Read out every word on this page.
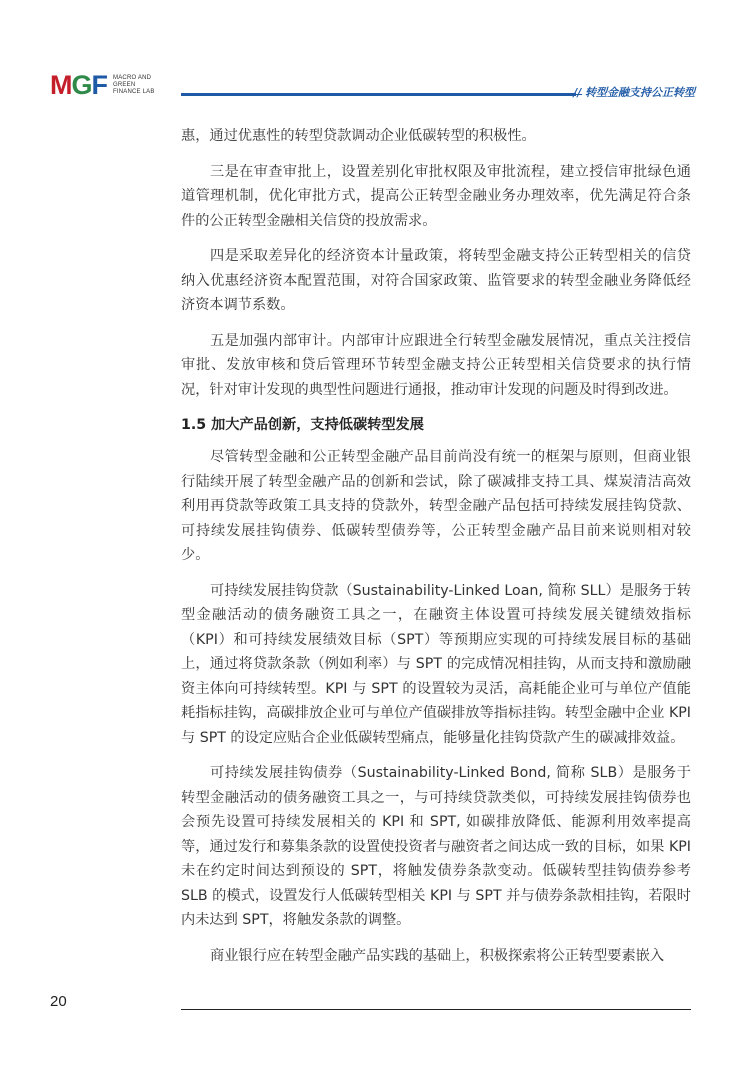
MGF MACRO AND
GREEN
FINANCE LAB	// 转型金融支持公正转型

惠，通过优惠性的转型贷款调动企业低碳转型的积极性。

三是在审查审批上，设置差别化审批权限及审批流程，建立授信审批绿色通道管理机制，优化审批方式，提高公正转型金融业务办理效率，优先满足符合条件的公正转型金融相关信贷的投放需求。

四是采取差异化的经济资本计量政策，将转型金融支持公正转型相关的信贷纳入优惠经济资本配置范围，对符合国家政策、监管要求的转型金融业务降低经济资本调节系数。

五是加强内部审计。内部审计应跟进全行转型金融发展情况，重点关注授信审批、发放审核和贷后管理环节转型金融支持公正转型相关信贷要求的执行情况，针对审计发现的典型性问题进行通报，推动审计发现的问题及时得到改进。

1.5 加大产品创新，支持低碳转型发展

尽管转型金融和公正转型金融产品目前尚没有统一的框架与原则，但商业银行陆续开展了转型金融产品的创新和尝试，除了碳减排支持工具、煤炭清洁高效利用再贷款等政策工具支持的贷款外，转型金融产品包括可持续发展挂钩贷款、可持续发展挂钩债券、低碳转型债券等，公正转型金融产品目前来说则相对较少。

可持续发展挂钩贷款（Sustainability-Linked Loan, 简称 SLL）是服务于转型金融活动的债务融资工具之一，在融资主体设置可持续发展关键绩效指标（KPI）和可持续发展绩效目标（SPT）等预期应实现的可持续发展目标的基础上，通过将贷款条款（例如利率）与 SPT 的完成情况相挂钩，从而支持和激励融资主体向可持续转型。KPI 与 SPT 的设置较为灵活，高耗能企业可与单位产值能耗指标挂钩，高碳排放企业可与单位产值碳排放等指标挂钩。转型金融中企业 KPI 与 SPT 的设定应贴合企业低碳转型痛点，能够量化挂钩贷款产生的碳减排效益。

可持续发展挂钩债券（Sustainability-Linked Bond, 简称 SLB）是服务于转型金融活动的债务融资工具之一，与可持续贷款类似，可持续发展挂钩债券也会预先设置可持续发展相关的 KPI 和 SPT, 如碳排放降低、能源利用效率提高等，通过发行和募集条款的设置使投资者与融资者之间达成一致的目标，如果 KPI 未在约定时间达到预设的 SPT，将触发债券条款变动。低碳转型挂钩债券参考 SLB 的模式，设置发行人低碳转型相关 KPI 与 SPT 并与债券条款相挂钩，若限时内未达到 SPT，将触发条款的调整。

商业银行应在转型金融产品实践的基础上，积极探索将公正转型要素嵌入

20
